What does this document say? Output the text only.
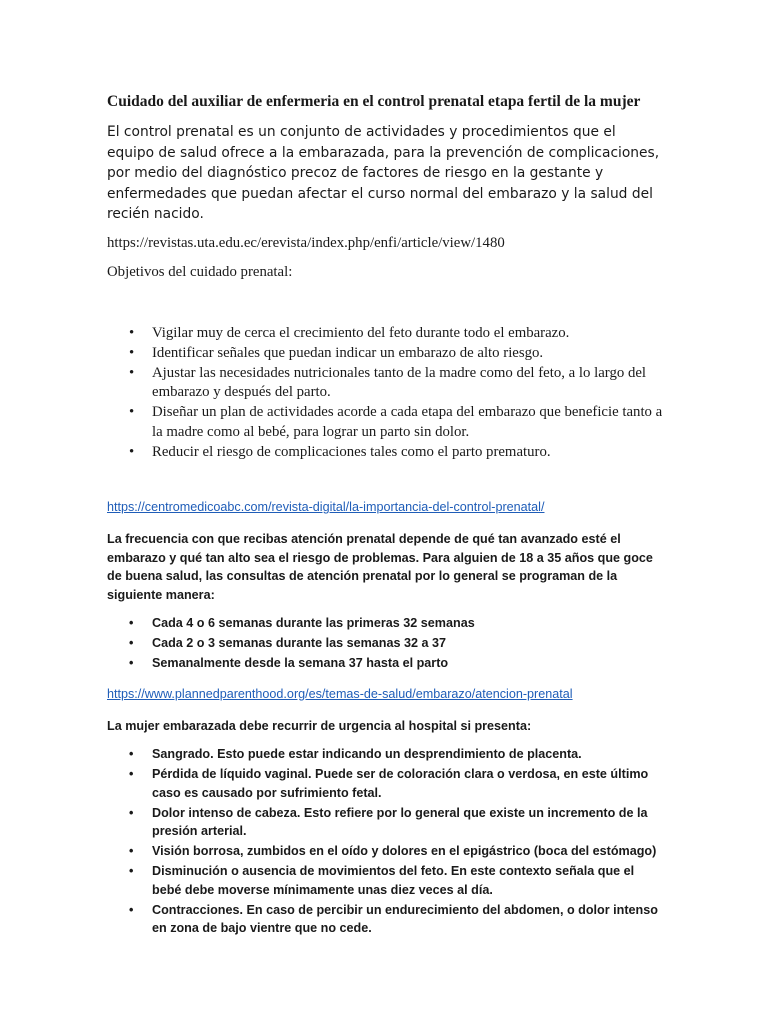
Cuidado del auxiliar de enfermeria en el control prenatal etapa fertil de la mujer

El control prenatal es un conjunto de actividades y procedimientos que el equipo de salud ofrece a la embarazada, para la prevención de complicaciones, por medio del diagnóstico precoz de factores de riesgo en la gestante y enfermedades que puedan afectar el curso normal del embarazo y la salud del recién nacido.

https://revistas.uta.edu.ec/erevista/index.php/enfi/article/view/1480

Objetivos del cuidado prenatal:

• Vigilar muy de cerca el crecimiento del feto durante todo el embarazo.
• Identificar señales que puedan indicar un embarazo de alto riesgo.
• Ajustar las necesidades nutricionales tanto de la madre como del feto, a lo largo del embarazo y después del parto.
• Diseñar un plan de actividades acorde a cada etapa del embarazo que beneficie tanto a la madre como al bebé, para lograr un parto sin dolor.
• Reducir el riesgo de complicaciones tales como el parto prematuro.
https://centromedicoabc.com/revista-digital/la-importancia-del-control-prenatal/

La frecuencia con que recibas atención prenatal depende de qué tan avanzado esté el embarazo y qué tan alto sea el riesgo de problemas. Para alguien de 18 a 35 años que goce de buena salud, las consultas de atención prenatal por lo general se programan de la siguiente manera:

• Cada 4 o 6 semanas durante las primeras 32 semanas
• Cada 2 o 3 semanas durante las semanas 32 a 37
• Semanalmente desde la semana 37 hasta el parto
https://www.plannedparenthood.org/es/temas-de-salud/embarazo/atencion-prenatal

La mujer embarazada debe recurrir de urgencia al hospital si presenta:

• Sangrado. Esto puede estar indicando un desprendimiento de placenta.
• Pérdida de líquido vaginal. Puede ser de coloración clara o verdosa, en este último caso es causado por sufrimiento fetal.
• Dolor intenso de cabeza. Esto refiere por lo general que existe un incremento de la presión arterial.
• Visión borrosa, zumbidos en el oído y dolores en el epigástrico (boca del estómago)
• Disminución o ausencia de movimientos del feto. En este contexto señala que el bebé debe moverse mínimamente unas diez veces al día.
• Contracciones. En caso de percibir un endurecimiento del abdomen, o dolor intenso en zona de bajo vientre que no cede.
